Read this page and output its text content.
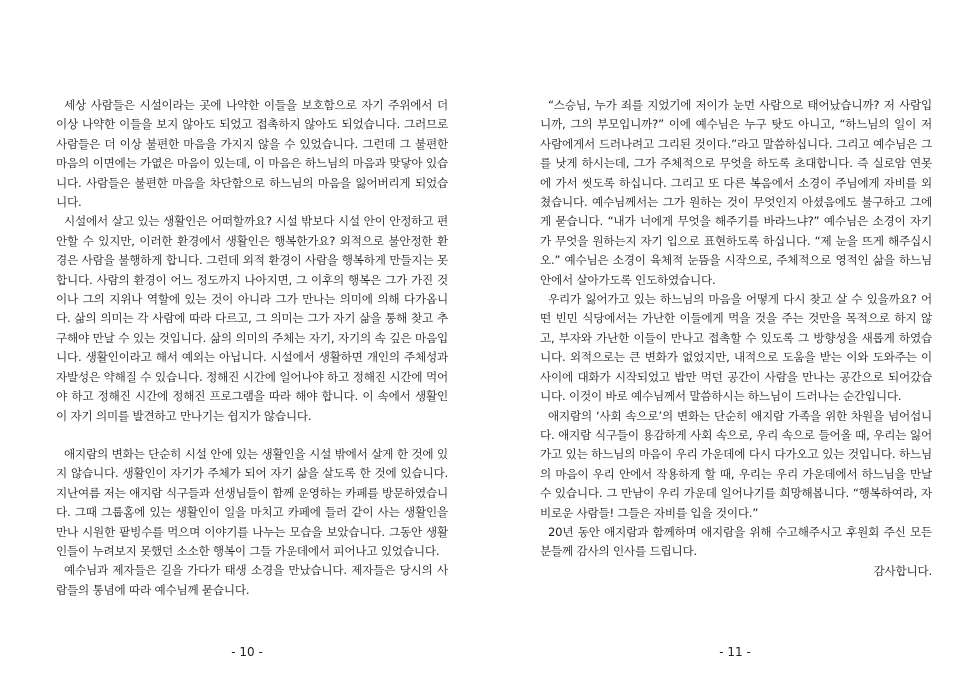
세상 사람들은 시설이라는 곳에 나약한 이들을 보호함으로 자기 주위에서 더 이상 나약한 이들을 보지 않아도 되었고 접촉하지 않아도 되었습니다. 그러므로 사람들은 더 이상 불편한 마음을 가지지 않을 수 있었습니다. 그런데 그 불편한 마음의 이면에는 가엾은 마음이 있는데, 이 마음은 하느님의 마음과 맞닿아 있습니다. 사람들은 불편한 마음을 차단함으로 하느님의 마음을 잃어버리게 되었습니다.

시설에서 살고 있는 생활인은 어떠할까요? 시설 밖보다 시설 안이 안정하고 편안할 수 있지만, 이러한 환경에서 생활인은 행복한가요? 외적으로 불안정한 환경은 사람을 불행하게 합니다. 그런데 외적 환경이 사람을 행복하게 만들지는 못합니다. 사람의 환경이 어느 정도까지 나아지면, 그 이후의 행복은 그가 가진 것이나 그의 지위나 역할에 있는 것이 아니라 그가 만나는 의미에 의해 다가옵니다. 삶의 의미는 각 사람에 따라 다르고, 그 의미는 그가 자기 삶을 통해 찾고 추구해야 만날 수 있는 것입니다. 삶의 의미의 주체는 자기, 자기의 속 깊은 마음입니다. 생활인이라고 해서 예외는 아닙니다. 시설에서 생활하면 개인의 주체성과 자발성은 약해질 수 있습니다. 정해진 시간에 일어나야 하고 정해진 시간에 먹어야 하고 정해진 시간에 정해진 프로그램을 따라 해야 합니다. 이 속에서 생활인이 자기 의미를 발견하고 만나기는 쉽지가 않습니다.

애지람의 변화는 단순히 시설 안에 있는 생활인을 시설 밖에서 살게 한 것에 있지 않습니다. 생활인이 자기가 주체가 되어 자기 삶을 살도록 한 것에 있습니다. 지난여름 저는 애지람 식구들과 선생님들이 함께 운영하는 카페를 방문하였습니다. 그때 그룹홈에 있는 생활인이 일을 마치고 카페에 들러 같이 사는 생활인을 만나 시원한 팥빙수를 먹으며 이야기를 나누는 모습을 보았습니다. 그동안 생활인들이 누려보지 못했던 소소한 행복이 그들 가운데에서 피어나고 있었습니다.

예수님과 제자들은 길을 가다가 태생 소경을 만났습니다. 제자들은 당시의 사람들의 통념에 따라 예수님께 묻습니다.

- 10 -

“스승님, 누가 죄를 지었기에 저이가 눈먼 사람으로 태어났습니까? 저 사람입니까, 그의 부모입니까?” 이에 예수님은 누구 탓도 아니고, “하느님의 일이 저 사람에게서 드러나려고 그리된 것이다.”라고 말씀하십니다. 그리고 예수님은 그를 낫게 하시는데, 그가 주체적으로 무엇을 하도록 초대합니다. 즉 실로암 연못에 가서 씻도록 하십니다. 그리고 또 다른 복음에서 소경이 주님에게 자비를 외쳤습니다. 예수님께서는 그가 원하는 것이 무엇인지 아셨음에도 불구하고 그에게 묻습니다. “내가 너에게 무엇을 해주기를 바라느냐?” 예수님은 소경이 자기가 무엇을 원하는지 자기 입으로 표현하도록 하십니다. “제 눈을 뜨게 해주십시오.” 예수님은 소경이 육체적 눈뜸을 시작으로, 주체적으로 영적인 삶을 하느님 안에서 살아가도록 인도하였습니다.

우리가 잃어가고 있는 하느님의 마음을 어떻게 다시 찾고 살 수 있을까요? 어떤 빈민 식당에서는 가난한 이들에게 먹을 것을 주는 것만을 목적으로 하지 않고, 부자와 가난한 이들이 만나고 접촉할 수 있도록 그 방향성을 새롭게 하였습니다. 외적으로는 큰 변화가 없었지만, 내적으로 도움을 받는 이와 도와주는 이 사이에 대화가 시작되었고 밥만 먹던 공간이 사람을 만나는 공간으로 되어갔습니다. 이것이 바로 예수님께서 말씀하시는 하느님이 드러나는 순간입니다.

애지람의 ‘사회 속으로’의 변화는 단순히 애지람 가족을 위한 차원을 넘어섭니다. 애지람 식구들이 용감하게 사회 속으로, 우리 속으로 들어올 때, 우리는 잃어가고 있는 하느님의 마음이 우리 가운데에 다시 다가오고 있는 것입니다. 하느님의 마음이 우리 안에서 작용하게 할 때, 우리는 우리 가운데에서 하느님을 만날 수 있습니다. 그 만남이 우리 가운데 일어나기를 희망해봅니다. “행복하여라, 자비로운 사람들! 그들은 자비를 입을 것이다.”

20년 동안 애지람과 함께하며 애지람을 위해 수고해주시고 후원회 주신 모든 분들께 감사의 인사를 드립니다.

감사합니다.

- 11 -
